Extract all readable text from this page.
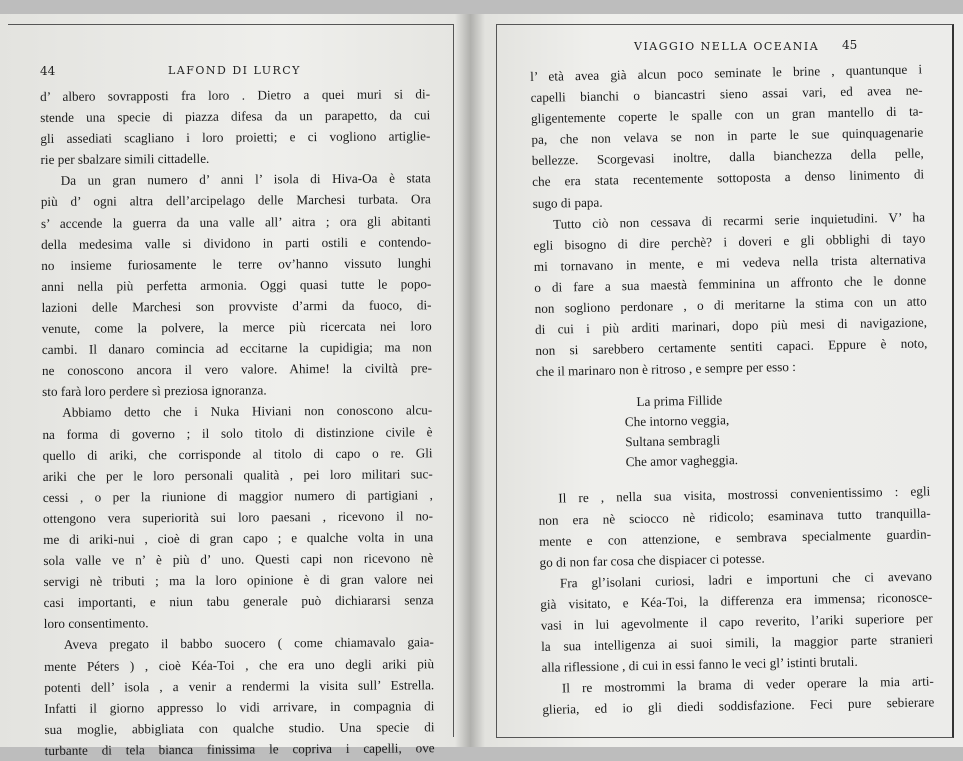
44	LAFOND DI LURCY
VIAGGIO NELLA OCEANIA 45
d’ albero sovrapposti fra loro . Dietro a quei muri si di-
stende una specie di piazza difesa da un parapetto, da cui
gli assediati scagliano i loro proietti; e ci vogliono artiglie-
rie per sbalzare simili cittadelle.
Da un gran numero d’ anni l’ isola di Hiva-Oa è stata
più d’ ogni altra dell’arcipelago delle Marchesi turbata. Ora
s’ accende la guerra da una valle all’ aitra ; ora gli abitanti
della medesima valle si dividono in parti ostili e contendo-
no insieme furiosamente le terre ov’hanno vissuto lunghi
anni nella più perfetta armonia. Oggi quasi tutte le popo-
lazioni delle Marchesi son provviste d’armi da fuoco, di-
venute, come la polvere, la merce più ricercata nei loro
cambi. Il danaro comincia ad eccitarne la cupidigia; ma non
ne conoscono ancora il vero valore. Ahime! la civiltà pre-
sto farà loro perdere sì preziosa ignoranza.
Abbiamo detto che i Nuka Hiviani non conoscono alcu-
na forma di governo ; il solo titolo di distinzione civile è
quello di ariki, che corrisponde al titolo di capo o re. Gli
ariki che per le loro personali qualità , pei loro militari suc-
cessi , o per la riunione di maggior numero di partigiani ,
ottengono vera superiorità sui loro paesani , ricevono il no-
me di ariki-nui , cioè di gran capo ; e qualche volta in una
sola valle ve n’ è più d’ uno. Questi capi non ricevono nè
servigi nè tributi ; ma la loro opinione è di gran valore nei
casi importanti, e niun tabu generale può dichiararsi senza
loro consentimento.
Aveva pregato il babbo suocero ( come chiamavalo gaia-
mente Péters ) , cioè Kéa-Toi , che era uno degli ariki più
potenti dell’ isola , a venir a rendermi la visita sull’ Estrella.
Infatti il giorno appresso lo vidi arrivare, in compagnia di
sua moglie, abbigliata con qualche studio. Una specie di
turbante di tela bianca finissima le copriva i capelli, ove
l’ età avea già alcun poco seminate le brine , quantunque i
capelli bianchi o biancastri sieno assai vari, ed avea ne-
gligentemente coperte le spalle con un gran mantello di ta-
pa, che non velava se non in parte le sue quinquagenarie
bellezze. Scorgevasi inoltre, dalla bianchezza della pelle,
che era stata recentemente sottoposta a denso linimento di
sugo di papa.
Tutto ciò non cessava di recarmi serie inquietudini. V’ ha
egli bisogno di dire perchè? i doveri e gli obblighi di tayo
mi tornavano in mente, e mi vedeva nella trista alternativa
o di fare a sua maestà femminina un affronto che le donne
non sogliono perdonare , o di meritarne la stima con un atto
di cui i più arditi marinari, dopo più mesi di navigazione,
non si sarebbero certamente sentiti capaci. Eppure è noto,
che il marinaro non è ritroso , e sempre per esso :
La prima Fillide
Che intorno veggia,
Sultana sembragli
Che amor vagheggia.
Il re , nella sua visita, mostrossi convenientissimo : egli
non era nè sciocco nè ridicolo; esaminava tutto tranquilla-
mente e con attenzione, e sembrava specialmente guardin-
go di non far cosa che dispiacer ci potesse.
Fra gl’isolani curiosi, ladri e importuni che ci avevano
già visitato, e Kéa-Toi, la differenza era immensa; riconosce-
vasi in lui agevolmente il capo reverito, l’ariki superiore per
la sua intelligenza ai suoi simili, la maggior parte stranieri
alla riflessione , di cui in essi fanno le veci gl’ istinti brutali.
Il re mostrommi la brama di veder operare la mia arti-
glieria, ed io gli diedi soddisfazione. Feci pure sebierare
